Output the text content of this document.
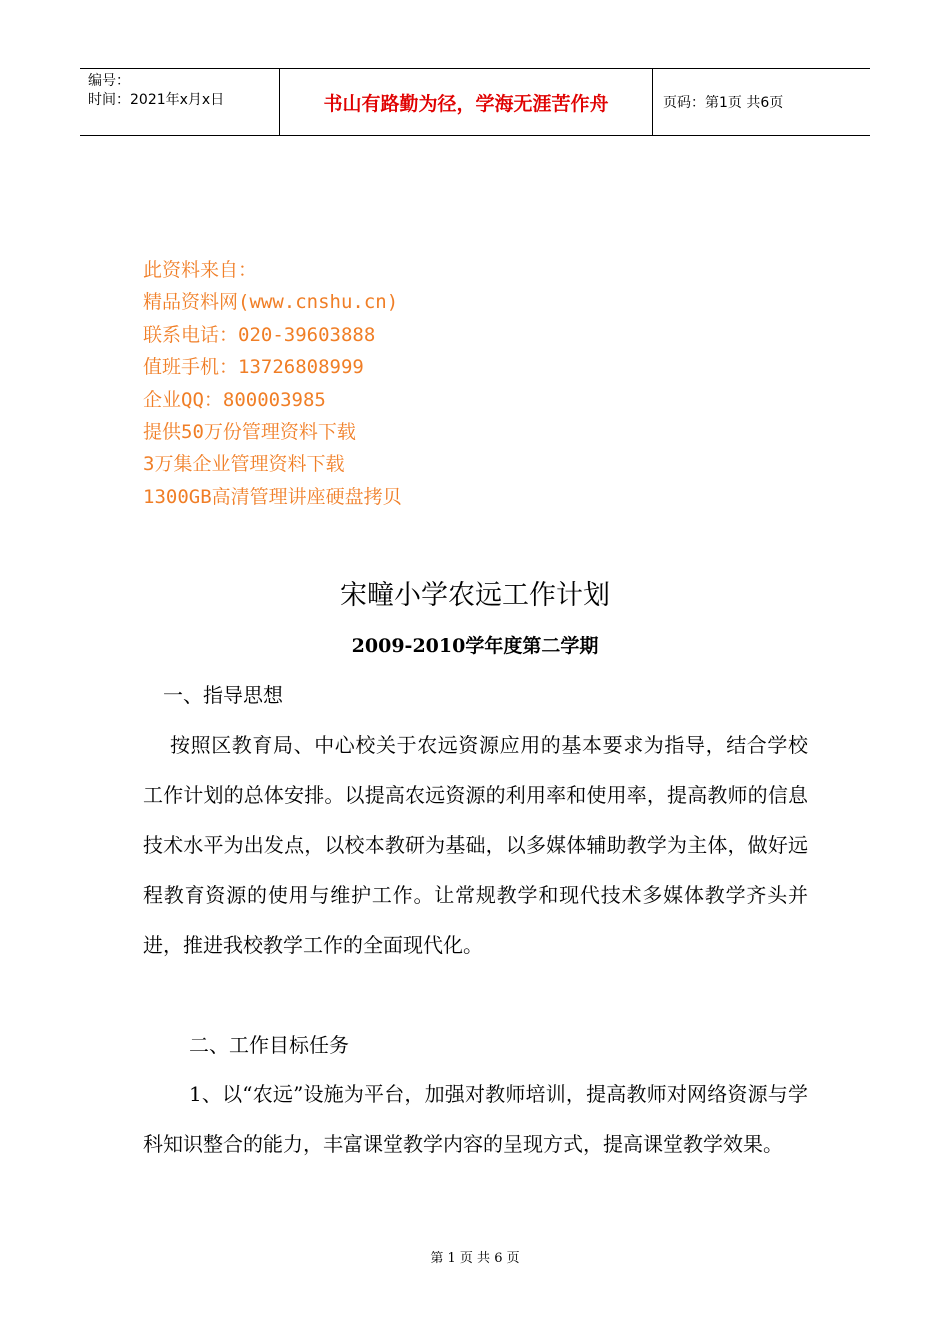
编号：
时间：2021年x月x日	书山有路勤为径，学海无涯苦作舟	页码：第1页 共6页
此资料来自：
精品资料网(www.cnshu.cn)
联系电话：020-39603888
值班手机：13726808999
企业QQ：800003985
提供50万份管理资料下载
3万集企业管理资料下载
1300GB高清管理讲座硬盘拷贝
宋疃小学农远工作计划
2009-2010学年度第二学期
一、指导思想
按照区教育局、中心校关于农远资源应用的基本要求为指导，结合学校工作计划的总体安排。以提高农远资源的利用率和使用率，提高教师的信息技术水平为出发点，以校本教研为基础，以多媒体辅助教学为主体，做好远程教育资源的使用与维护工作。让常规教学和现代技术多媒体教学齐头并进，推进我校教学工作的全面现代化。
二、工作目标任务
1、以“农远”设施为平台，加强对教师培训，提高教师对网络资源与学科知识整合的能力，丰富课堂教学内容的呈现方式，提高课堂教学效果。
第 1 页 共 6 页
